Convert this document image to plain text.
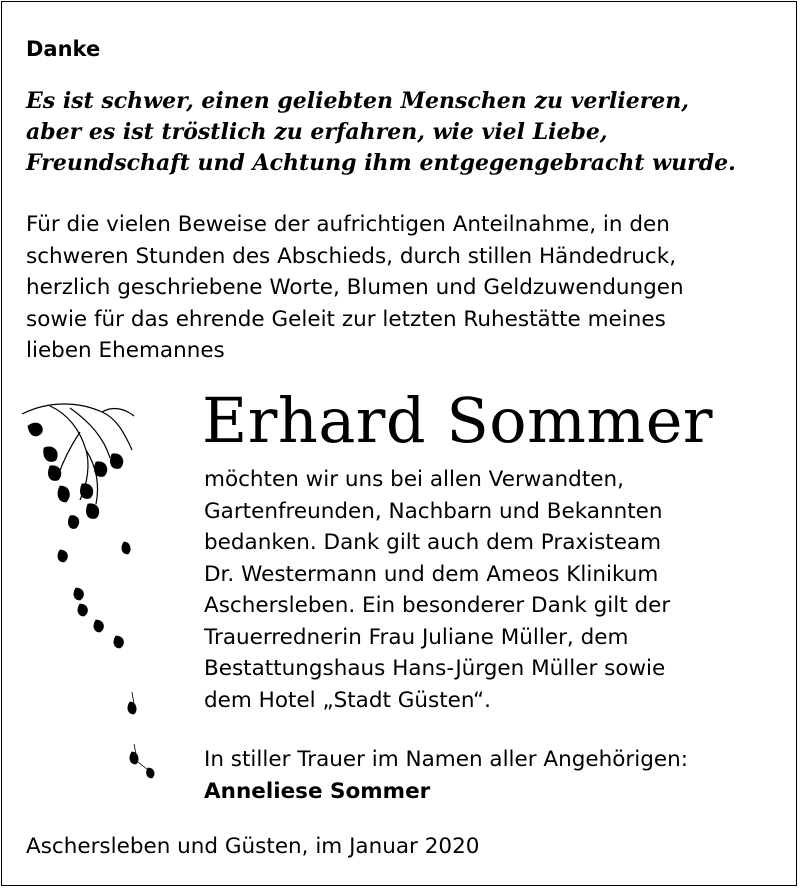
Danke
Es ist schwer, einen geliebten Menschen zu verlieren,
aber es ist tröstlich zu erfahren, wie viel Liebe,
Freundschaft und Achtung ihm entgegengebracht wurde.
Für die vielen Beweise der aufrichtigen Anteilnahme, in den
schweren Stunden des Abschieds, durch stillen Händedruck,
herzlich geschriebene Worte, Blumen und Geldzuwendungen
sowie für das ehrende Geleit zur letzten Ruhestätte meines
lieben Ehemannes
Erhard Sommer
möchten wir uns bei allen Verwandten,
Gartenfreunden, Nachbarn und Bekannten
bedanken. Dank gilt auch dem Praxisteam
Dr. Westermann und dem Ameos Klinikum
Aschersleben. Ein besonderer Dank gilt der
Trauerrednerin Frau Juliane Müller, dem
Bestattungshaus Hans-Jürgen Müller sowie
dem Hotel „Stadt Güsten“.
In stiller Trauer im Namen aller Angehörigen:
Anneliese Sommer
Aschersleben und Güsten, im Januar 2020
